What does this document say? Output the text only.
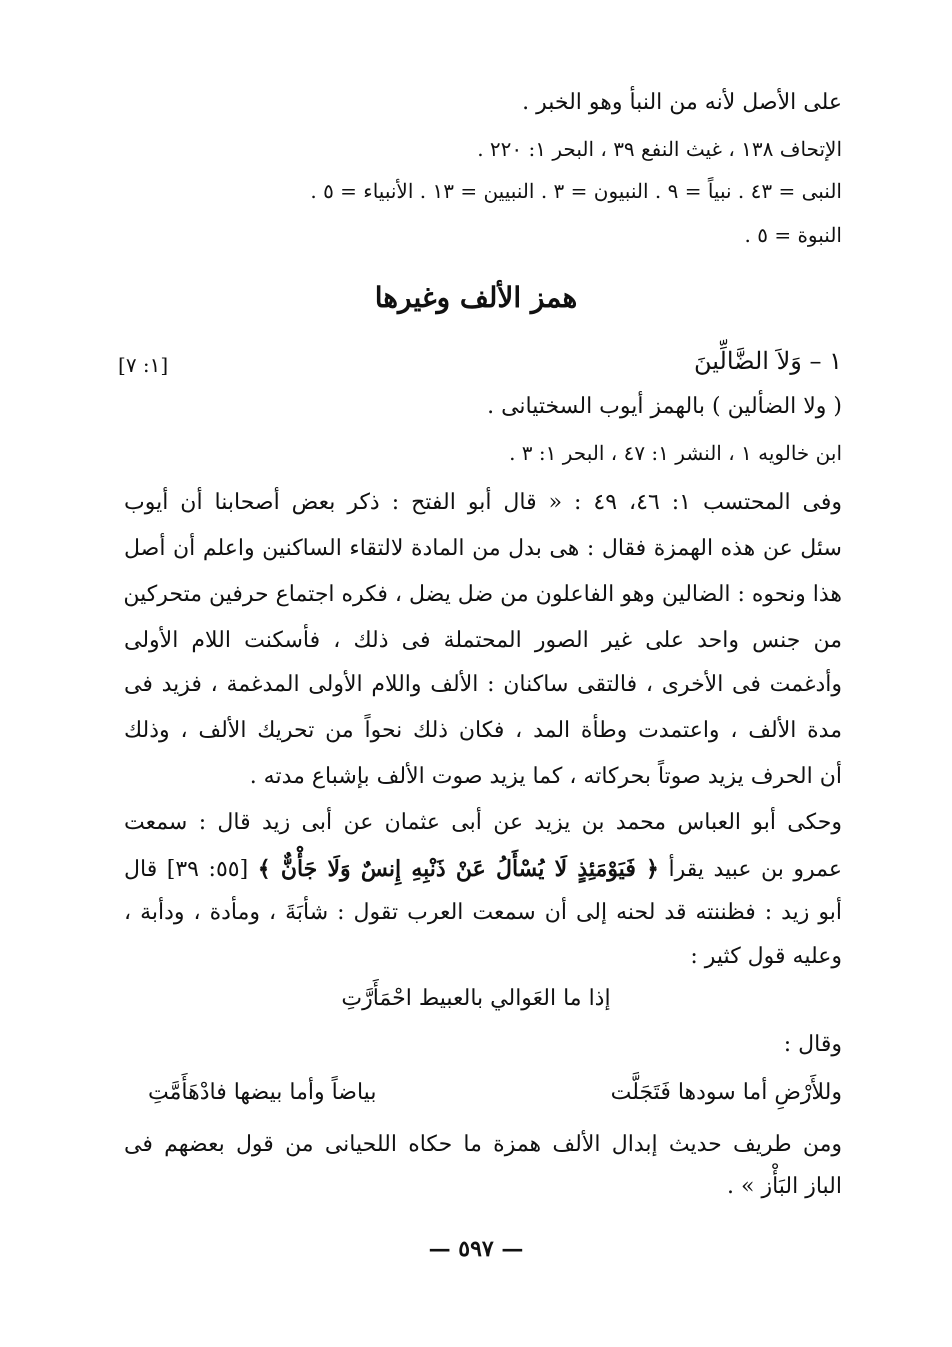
على الأصل لأنه من النبأ وهو الخبر .
الإتحاف ١٣٨ ، غيث النفع ٣٩ ، البحر ١: ٢٢٠ .
النبى = ٤٣ . نبياً = ٩ . النبيون = ٣ . النبيين = ١٣ . الأنبياء = ٥ .
النبوة = ٥ .
همز الألف وغيرها
١ – وَلاَ الضَّالِّينَ
[١: ٧]
( ولا الضألين ) بالهمز أيوب السختيانى .
ابن خالويه ١ ، النشر ١: ٤٧ ، البحر ١: ٣ .
وفى المحتسب ١: ٤٦، ٤٩ : « قال أبو الفتح : ذكر بعض أصحابنا أن أيوب
سئل عن هذه الهمزة فقال : هى بدل من المادة لالتقاء الساكنين واعلم أن أصل
هذا ونحوه : الضالين وهو الفاعلون من ضل يضل ، فكره اجتماع حرفين متحركين
من جنس واحد على غير الصور المحتملة فى ذلك ، فأسكنت اللام الأولى
وأدغمت فى الأخرى ، فالتقى ساكنان : الألف واللام الأولى المدغمة ، فزيد فى
مدة الألف ، واعتمدت وطأة المد ، فكان ذلك نحواً من تحريك الألف ، وذلك
أن الحرف يزيد صوتاً بحركاته ، كما يزيد صوت الألف بإشباع مدته .
وحكى أبو العباس محمد بن يزيد عن أبى عثمان عن أبى زيد قال : سمعت
عمرو بن عبيد يقرأ ﴿ فَيَوْمَئِذٍ لَا يُسْأَلُ عَنْ ذَنْبِهِ إِنسٌ وَلَا جَأْنٌّ ﴾ [٥٥: ٣٩] قال
أبو زيد : فظننته قد لحنه إلى أن سمعت العرب تقول : شأبَةَ ، ومأدة ، ودأبة ،
وعليه قول كثير :
إذا ما العَوالي بالعبيط احْمَأَرَّتِ
وقال :
وللأَرْضِ أما سودها فَتَجَلَّت
بياضاً وأما بيضها فادْهَأَمَّتِ
ومن طريف حديث إبدال الألف همزة ما حكاه اللحيانى من قول بعضهم فى
الباز البَأْز » .
— ٥٩٧ —
